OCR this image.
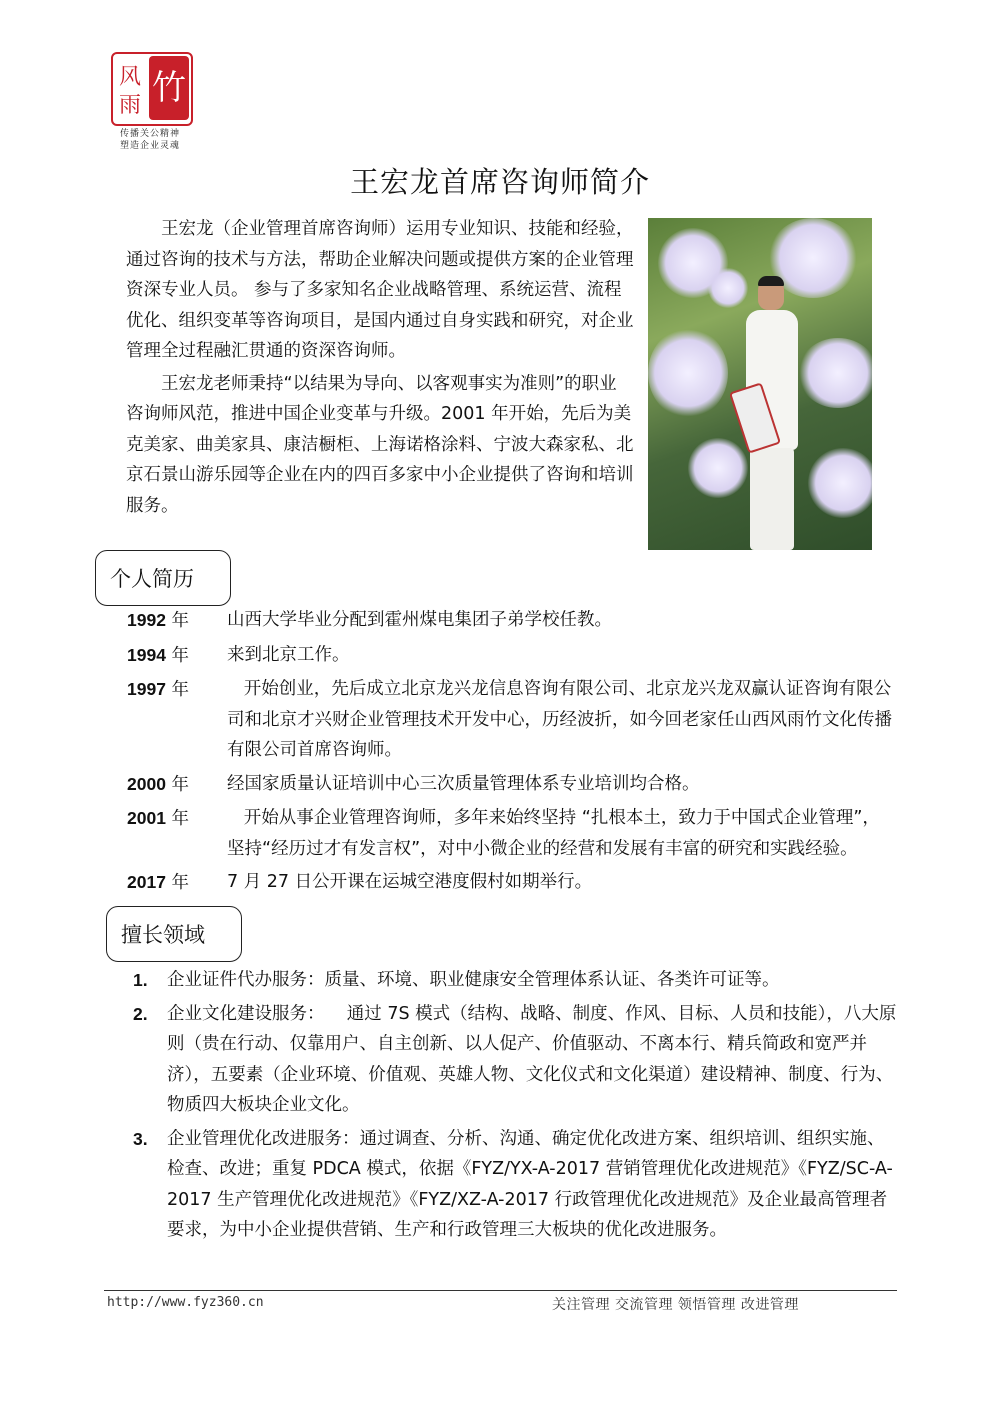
风
雨 竹
传播关公精神
塑造企业灵魂
王宏龙首席咨询师简介

王宏龙（企业管理首席咨询师）运用专业知识、技能和经验，通过咨询的技术与方法，帮助企业解决问题或提供方案的企业管理资深专业人员。 参与了多家知名企业战略管理、系统运营、流程优化、组织变革等咨询项目，是国内通过自身实践和研究，对企业管理全过程融汇贯通的资深咨询师。

王宏龙老师秉持“以结果为导向、以客观事实为准则”的职业咨询师风范，推进中国企业变革与升级。2001 年开始，先后为美克美家、曲美家具、康洁橱柜、上海诺格涂料、宁波大森家私、北京石景山游乐园等企业在内的四百多家中小企业提供了咨询和培训服务。

个人简历
1992 年	山西大学毕业分配到霍州煤电集团子弟学校任教。
1994 年	来到北京工作。
1997 年	开始创业，先后成立北京龙兴龙信息咨询有限公司、北京龙兴龙双赢认证咨询有限公司和北京才兴财企业管理技术开发中心，历经波折，如今回老家任山西风雨竹文化传播有限公司首席咨询师。
2000 年	经国家质量认证培训中心三次质量管理体系专业培训均合格。
2001 年	开始从事企业管理咨询师，多年来始终坚持 “扎根本土，致力于中国式企业管理”，坚持“经历过才有发言权”，对中小微企业的经营和发展有丰富的研究和实践经验。
2017 年	7 月 27 日公开课在运城空港度假村如期举行。
擅长领域
1.	企业证件代办服务：质量、环境、职业健康安全管理体系认证、各类许可证等。
2.	企业文化建设服务：    通过 7S 模式（结构、战略、制度、作风、目标、人员和技能），八大原则（贵在行动、仅靠用户、自主创新、以人促产、价值驱动、不离本行、精兵简政和宽严并济），五要素（企业环境、价值观、英雄人物、文化仪式和文化渠道）建设精神、制度、行为、物质四大板块企业文化。
3.	企业管理优化改进服务：通过调查、分析、沟通、确定优化改进方案、组织培训、组织实施、检查、改进；重复 PDCA 模式，依据《FYZ/YX-A-2017 营销管理优化改进规范》《FYZ/SC-A-2017 生产管理优化改进规范》《FYZ/XZ-A-2017 行政管理优化改进规范》及企业最高管理者要求，为中小企业提供营销、生产和行政管理三大板块的优化改进服务。
http://www.fyz360.cn	关注管理 交流管理 领悟管理 改进管理
